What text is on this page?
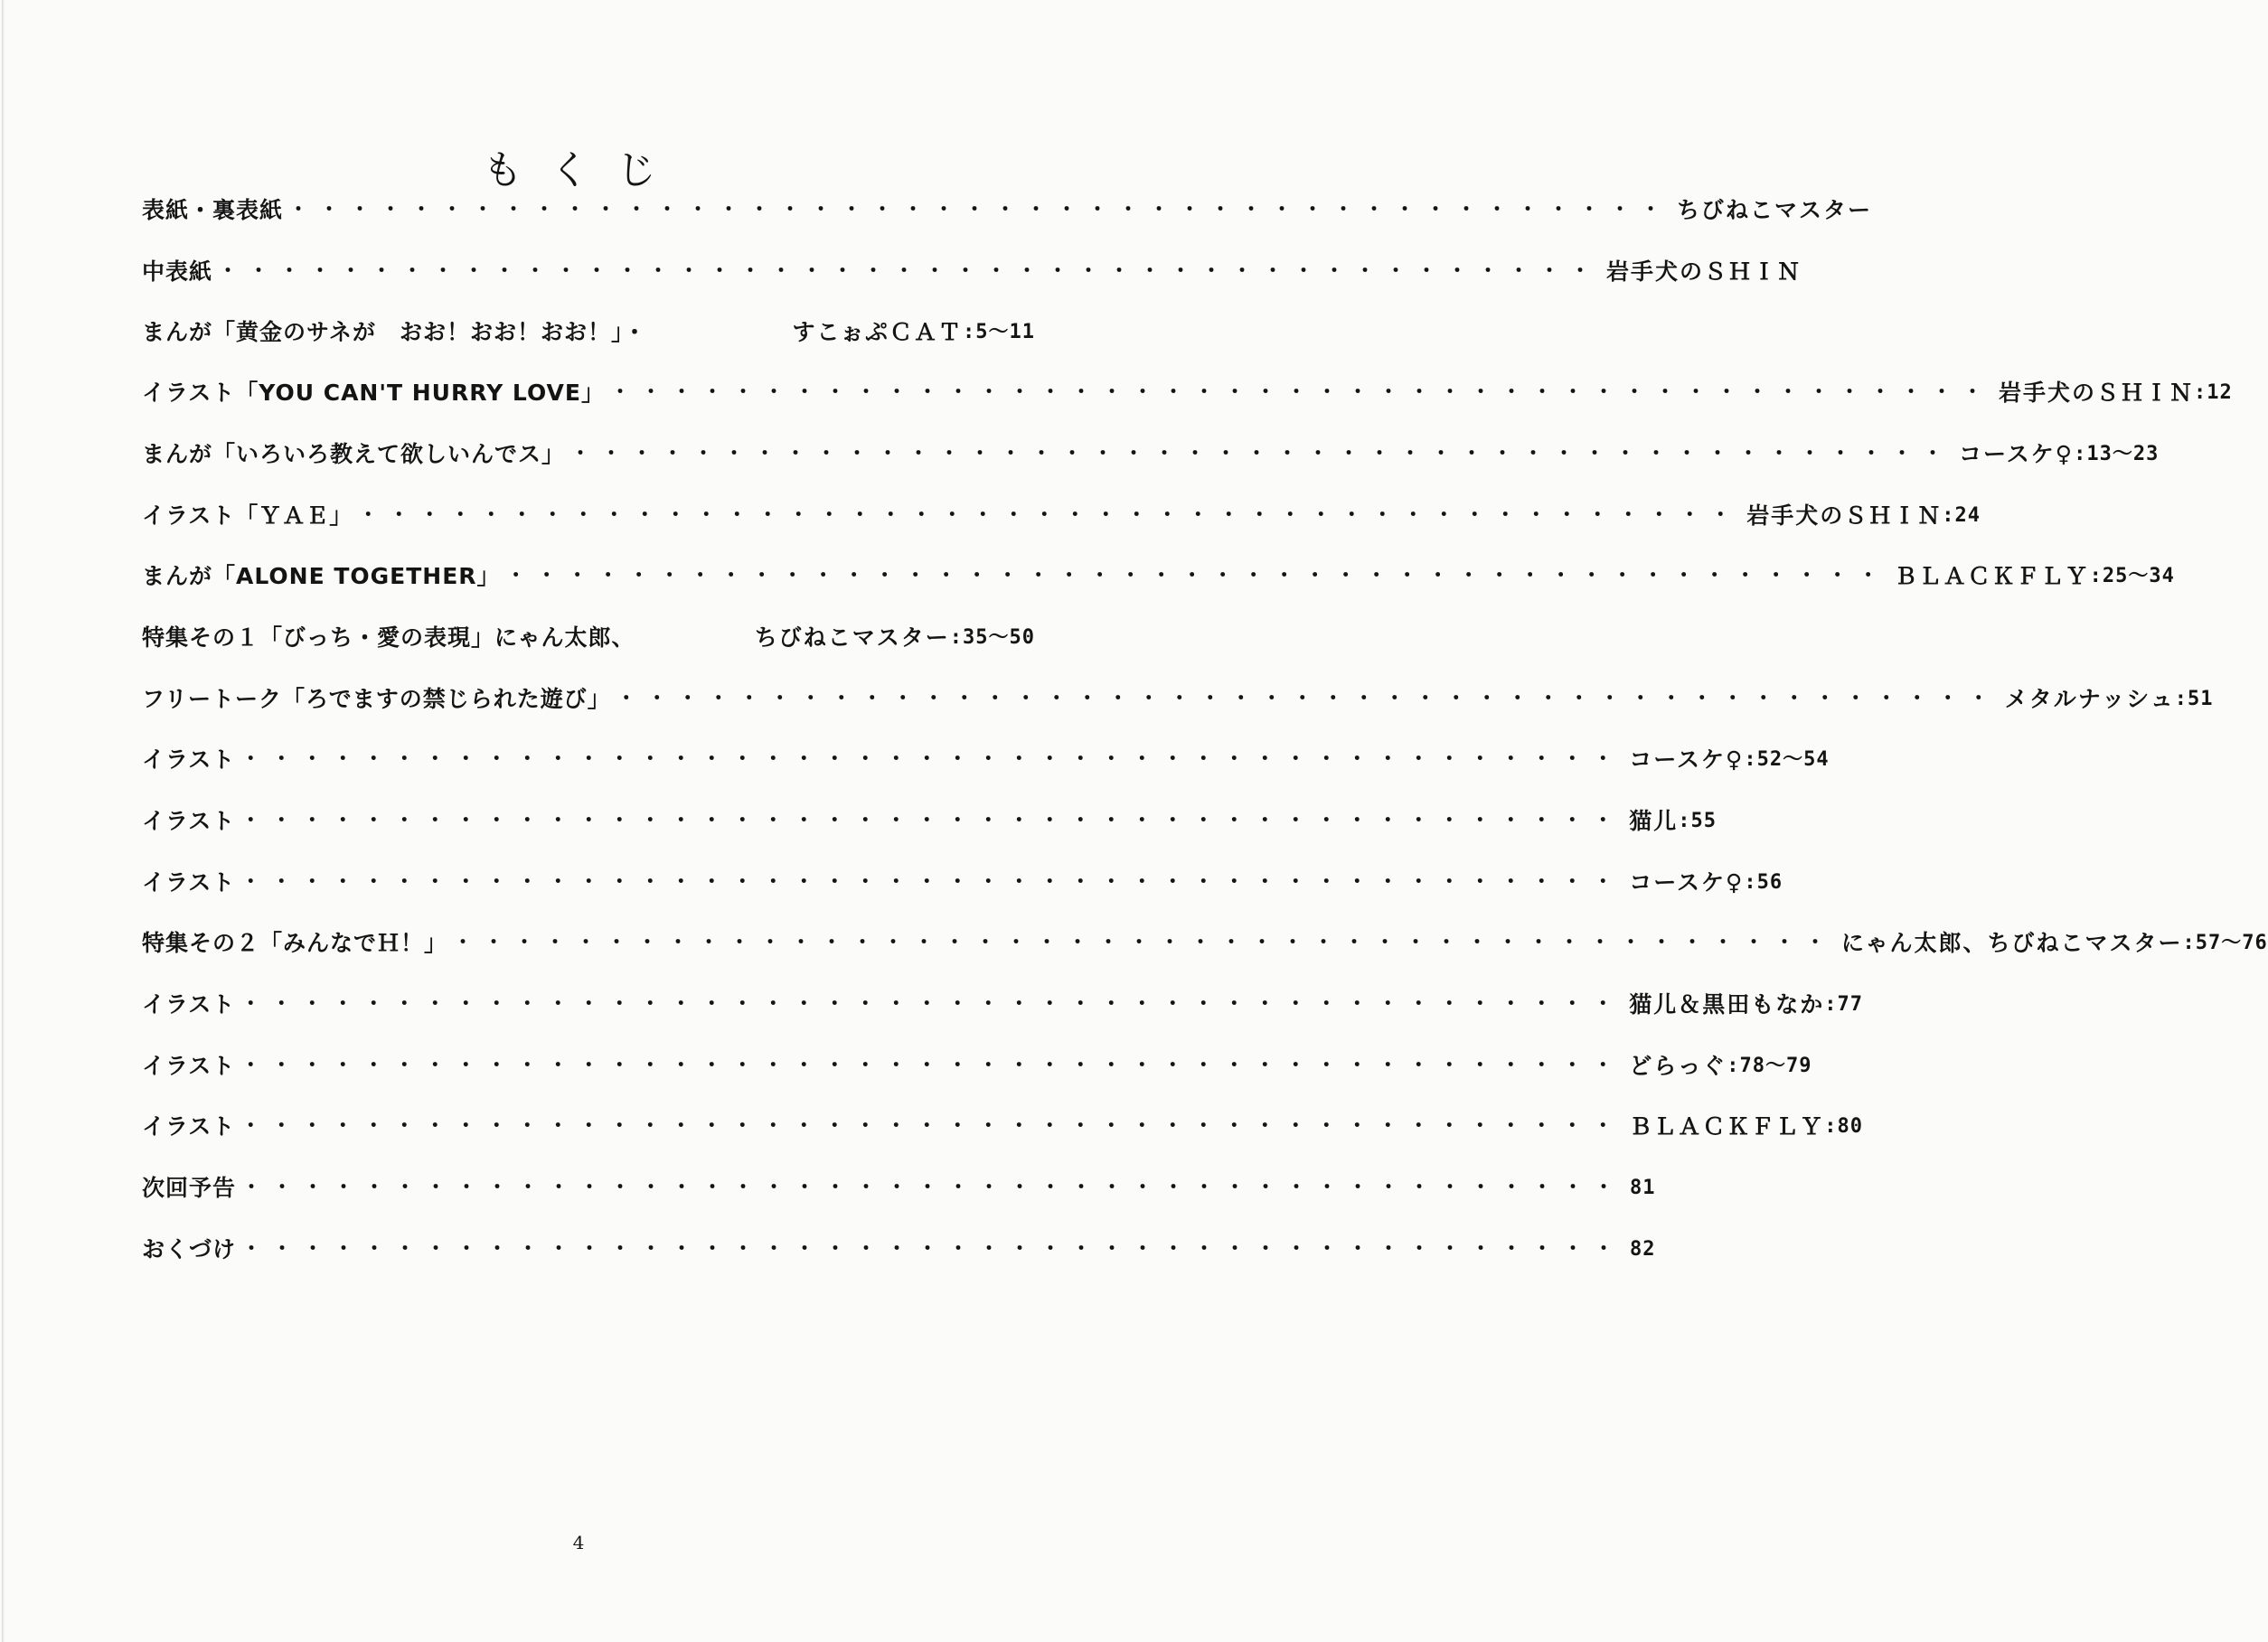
もくじ
表紙・裏表紙 ・・・・・・・・・・・・・・・・・・・・・・・・・・・・・・・・・・・・・・・・・・・・・ ちびねこマスター
中表紙 ・・・・・・・・・・・・・・・・・・・・・・・・・・・・・・・・・・・・・・・・・・・・・ 岩手犬のＳＨＩＮ
まんが「黄金のサネが　おお！おお！おお！」・	すこぉぷＣＡＴ :5～11
イラスト「YOU CAN'T HURRY LOVE」 ・・・・・・・・・・・・・・・・・・・・・・・・・・・・・・・・・・・・・・・・・・・・・ 岩手犬のＳＨＩＮ :12
まんが「いろいろ教えて欲しいんでス」 ・・・・・・・・・・・・・・・・・・・・・・・・・・・・・・・・・・・・・・・・・・・・・ コースケ♀ :13～23
イラスト「ＹＡＥ」 ・・・・・・・・・・・・・・・・・・・・・・・・・・・・・・・・・・・・・・・・・・・・・ 岩手犬のＳＨＩＮ :24
まんが「ALONE TOGETHER」 ・・・・・・・・・・・・・・・・・・・・・・・・・・・・・・・・・・・・・・・・・・・・・ ＢＬＡＣＫＦＬＹ :25～34
特集その１「びっち・愛の表現」にゃん太郎、	ちびねこマスター :35～50
フリートーク「ろでますの禁じられた遊び」 ・・・・・・・・・・・・・・・・・・・・・・・・・・・・・・・・・・・・・・・・・・・・・ メタルナッシュ :51
イラスト ・・・・・・・・・・・・・・・・・・・・・・・・・・・・・・・・・・・・・・・・・・・・・ コースケ♀ :52～54
イラスト ・・・・・・・・・・・・・・・・・・・・・・・・・・・・・・・・・・・・・・・・・・・・・ 猫儿 :55
イラスト ・・・・・・・・・・・・・・・・・・・・・・・・・・・・・・・・・・・・・・・・・・・・・ コースケ♀ :56
特集その２「みんなでＨ！」 ・・・・・・・・・・・・・・・・・・・・・・・・・・・・・・・・・・・・・・・・・・・・・ にゃん太郎、ちびねこマスター :57～76
イラスト ・・・・・・・・・・・・・・・・・・・・・・・・・・・・・・・・・・・・・・・・・・・・・ 猫儿＆黒田もなか :77
イラスト ・・・・・・・・・・・・・・・・・・・・・・・・・・・・・・・・・・・・・・・・・・・・・ どらっぐ :78～79
イラスト ・・・・・・・・・・・・・・・・・・・・・・・・・・・・・・・・・・・・・・・・・・・・・ ＢＬＡＣＫＦＬＹ :80
次回予告 ・・・・・・・・・・・・・・・・・・・・・・・・・・・・・・・・・・・・・・・・・・・・・ 81
おくづけ ・・・・・・・・・・・・・・・・・・・・・・・・・・・・・・・・・・・・・・・・・・・・・ 82
4
